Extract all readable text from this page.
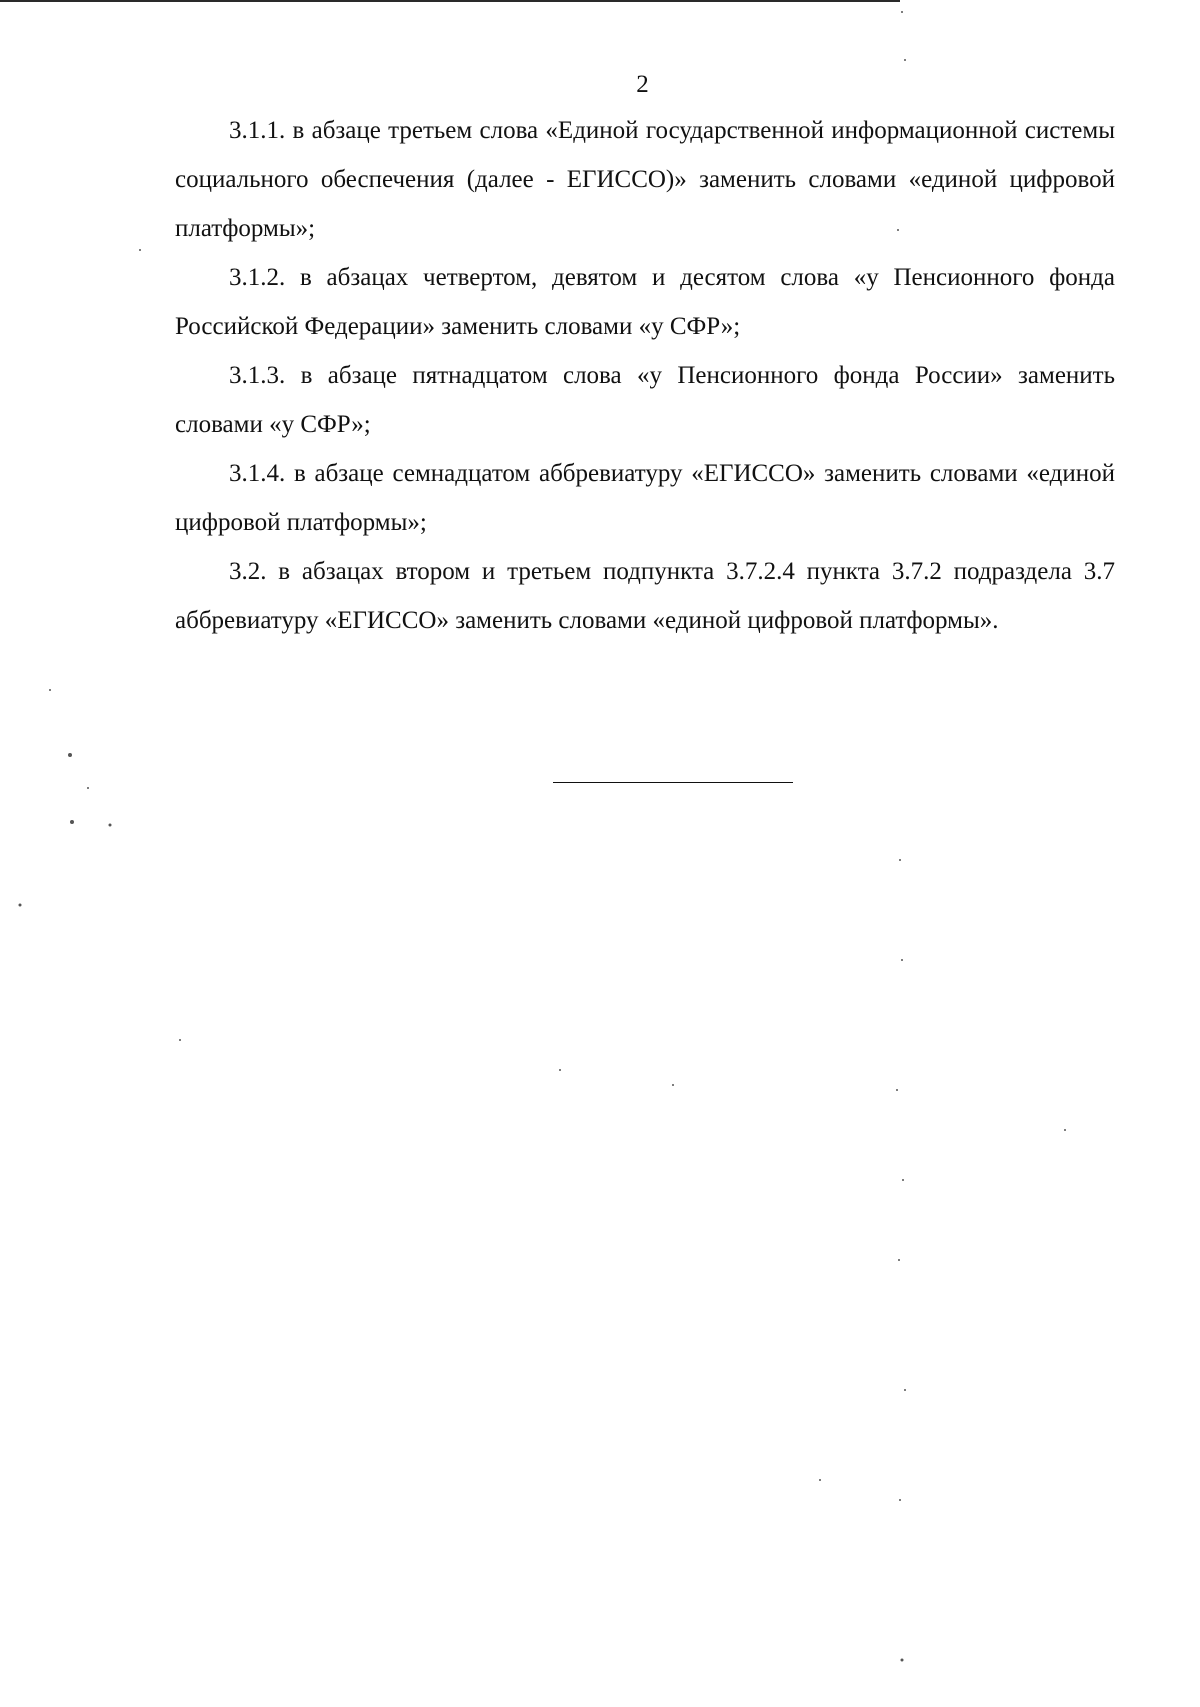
2

3.1.1. в абзаце третьем слова «Единой государственной информационной системы социального обеспечения (далее - ЕГИССО)» заменить словами «единой цифровой платформы»;

3.1.2. в абзацах четвертом, девятом и десятом слова «у Пенсионного фонда Российской Федерации» заменить словами «у СФР»;

3.1.3. в абзаце пятнадцатом слова «у Пенсионного фонда России» заменить словами «у СФР»;

3.1.4. в абзаце семнадцатом аббревиатуру «ЕГИССО» заменить словами «единой цифровой платформы»;

3.2. в абзацах втором и третьем подпункта 3.7.2.4 пункта 3.7.2 подраздела 3.7 аббревиатуру «ЕГИССО» заменить словами «единой цифровой платформы».
